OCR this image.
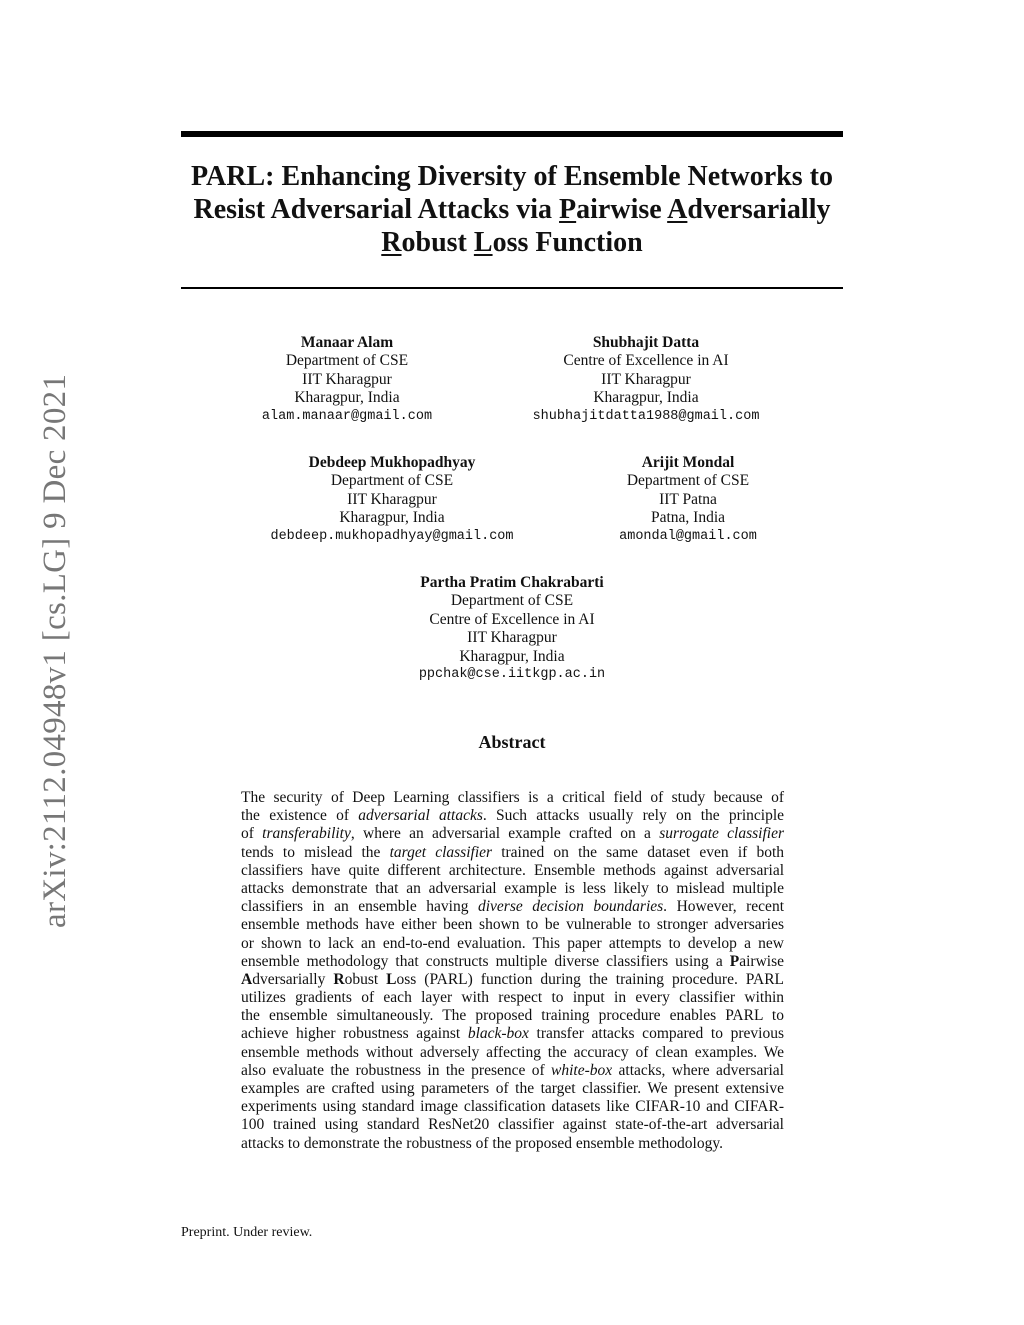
PARL: Enhancing Diversity of Ensemble Networks to
Resist Adversarial Attacks via Pairwise Adversarially
Robust Loss Function
arXiv:2112.04948v1 [cs.LG] 9 Dec 2021
Manaar Alam
Department of CSE
IIT Kharagpur
Kharagpur, India
alam.manaar@gmail.com
Shubhajit Datta
Centre of Excellence in AI
IIT Kharagpur
Kharagpur, India
shubhajitdatta1988@gmail.com
Debdeep Mukhopadhyay
Department of CSE
IIT Kharagpur
Kharagpur, India
debdeep.mukhopadhyay@gmail.com
Arijit Mondal
Department of CSE
IIT Patna
Patna, India
amondal@gmail.com
Partha Pratim Chakrabarti
Department of CSE
Centre of Excellence in AI
IIT Kharagpur
Kharagpur, India
ppchak@cse.iitkgp.ac.in
Abstract
The security of Deep Learning classifiers is a critical field of study because of
the existence of adversarial attacks. Such attacks usually rely on the principle
of transferability, where an adversarial example crafted on a surrogate classifier
tends to mislead the target classifier trained on the same dataset even if both
classifiers have quite different architecture. Ensemble methods against adversarial
attacks demonstrate that an adversarial example is less likely to mislead multiple
classifiers in an ensemble having diverse decision boundaries. However, recent
ensemble methods have either been shown to be vulnerable to stronger adversaries
or shown to lack an end-to-end evaluation. This paper attempts to develop a new
ensemble methodology that constructs multiple diverse classifiers using a Pairwise
Adversarially Robust Loss (PARL) function during the training procedure. PARL
utilizes gradients of each layer with respect to input in every classifier within
the ensemble simultaneously. The proposed training procedure enables PARL to
achieve higher robustness against black-box transfer attacks compared to previous
ensemble methods without adversely affecting the accuracy of clean examples. We
also evaluate the robustness in the presence of white-box attacks, where adversarial
examples are crafted using parameters of the target classifier. We present extensive
experiments using standard image classification datasets like CIFAR-10 and CIFAR-
100 trained using standard ResNet20 classifier against state-of-the-art adversarial
attacks to demonstrate the robustness of the proposed ensemble methodology.
Preprint. Under review.
